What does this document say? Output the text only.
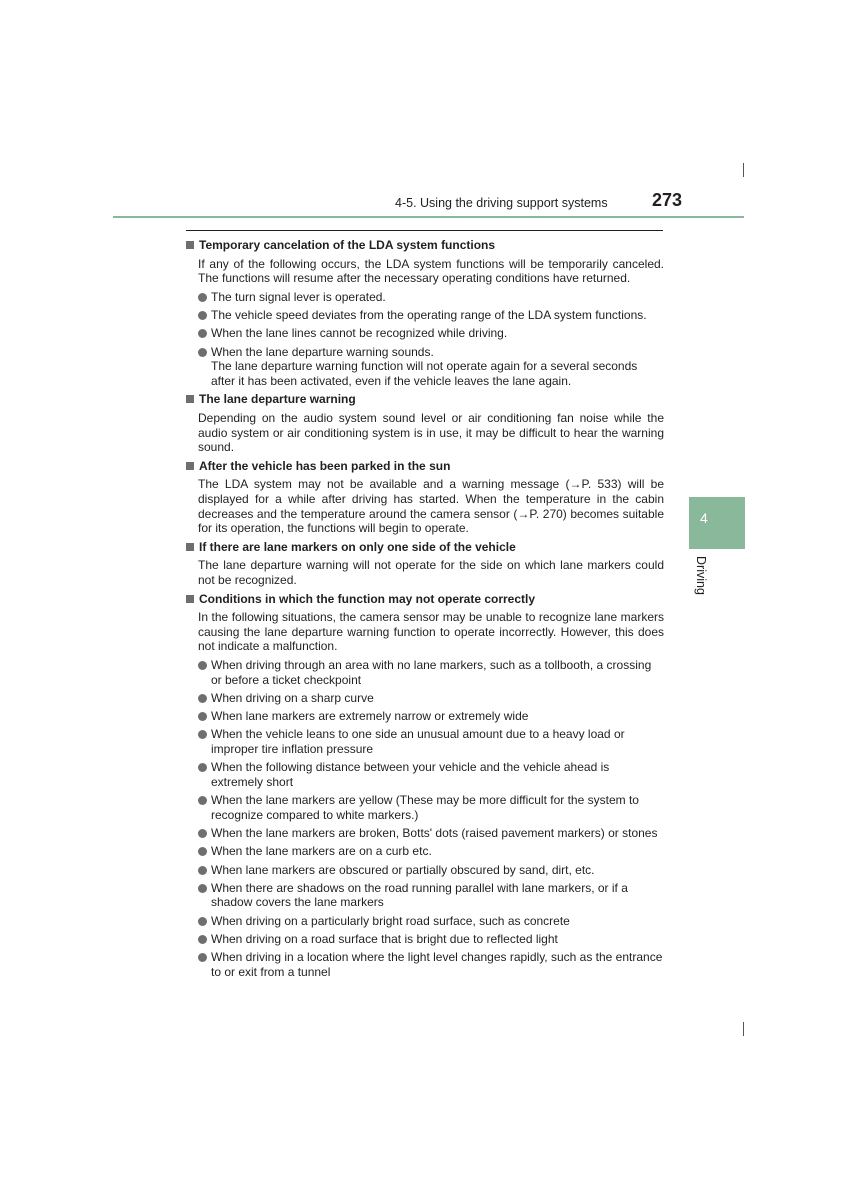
4-5. Using the driving support systems 273
4
Driving
Temporary cancelation of the LDA system functions

If any of the following occurs, the LDA system functions will be temporarily canceled. The functions will resume after the necessary operating conditions have returned.

The turn signal lever is operated.
The vehicle speed deviates from the operating range of the LDA system functions.
When the lane lines cannot be recognized while driving.
When the lane departure warning sounds.
The lane departure warning function will not operate again for a several seconds after it has been activated, even if the vehicle leaves the lane again.
The lane departure warning

Depending on the audio system sound level or air conditioning fan noise while the audio system or air conditioning system is in use, it may be difficult to hear the warning sound.

After the vehicle has been parked in the sun

The LDA system may not be available and a warning message (→P. 533) will be displayed for a while after driving has started. When the temperature in the cabin decreases and the temperature around the camera sensor (→P. 270) becomes suitable for its operation, the functions will begin to operate.

If there are lane markers on only one side of the vehicle

The lane departure warning will not operate for the side on which lane markers could not be recognized.

Conditions in which the function may not operate correctly

In the following situations, the camera sensor may be unable to recognize lane markers causing the lane departure warning function to operate incorrectly. However, this does not indicate a malfunction.

When driving through an area with no lane markers, such as a tollbooth, a crossing or before a ticket checkpoint
When driving on a sharp curve
When lane markers are extremely narrow or extremely wide
When the vehicle leans to one side an unusual amount due to a heavy load or improper tire inflation pressure
When the following distance between your vehicle and the vehicle ahead is extremely short
When the lane markers are yellow (These may be more difficult for the system to recognize compared to white markers.)
When the lane markers are broken, Botts' dots (raised pavement markers) or stones
When the lane markers are on a curb etc.
When lane markers are obscured or partially obscured by sand, dirt, etc.
When there are shadows on the road running parallel with lane markers, or if a shadow covers the lane markers
When driving on a particularly bright road surface, such as concrete
When driving on a road surface that is bright due to reflected light
When driving in a location where the light level changes rapidly, such as the entrance to or exit from a tunnel
